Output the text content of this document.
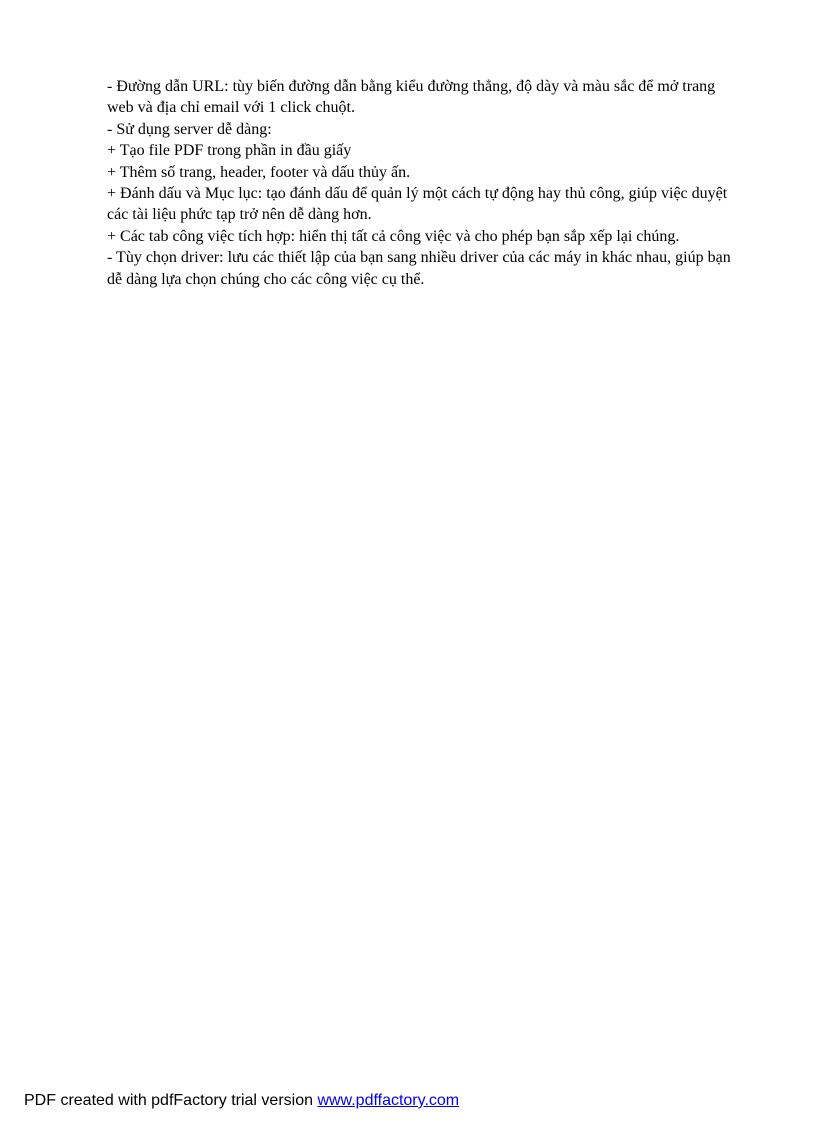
- Đường dẫn URL: tùy biến đường dẫn bằng kiểu đường thẳng, độ dày và màu sắc để mở trang web và địa chỉ email với 1 click chuột.

- Sử dụng server dễ dàng:

+ Tạo file PDF trong phần in đầu giấy

+ Thêm số trang, header, footer và dấu thủy ấn.

+ Đánh dấu và Mục lục: tạo đánh dấu để quản lý một cách tự động hay thủ công, giúp việc duyệt các tài liệu phức tạp trở nên dễ dàng hơn.

+ Các tab công việc tích hợp: hiển thị tất cả công việc và cho phép bạn sắp xếp lại chúng.

- Tùy chọn driver: lưu các thiết lập của bạn sang nhiều driver của các máy in khác nhau, giúp bạn dễ dàng lựa chọn chúng cho các công việc cụ thể.

PDF created with pdfFactory trial version www.pdffactory.com
